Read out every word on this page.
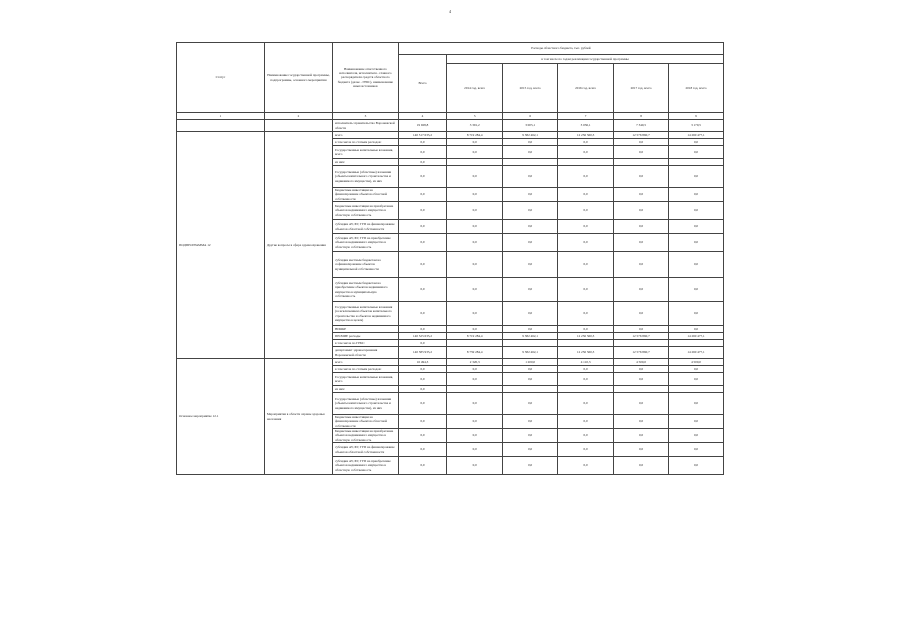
4
Статус	Наименование государственной программы, подпрограммы, основного мероприятия	Наименование ответственного исполнителя, исполнителя - главного распорядителя средств областного бюджета (далее - ГРБС), наименование иных источников	Расходы областного бюджета, тыс. рублей					
			Всего	в том числе по годам реализации государственной программы				
				2014 год, всего	2015 год, всего	2016 год, всего	2017 год, всего	2018 год, всего
1	2	3	4	5	6	7	8	9
		исполнитель: правительство Воронежской области	19 928,8	3 391,2	3 005,1	3 036,1	7 340,5	3 170,5
ПОДПРОГРАММА 12	Другие вопросы в сфере здравоохранения	всего	140 517 635,2	8 719 284,4	9 382 462,1	12 256 560,3	12 576 860,7	14 260 477,1
		в том числе по статьям расходов:	0,0	0,0	0,0	0,0	0,0	0,0
		Государственные капитальные вложения, всего	0,0	0,0	0,0	0,0	0,0	0,0
		из них:	0,0					
		Государственные (областные) вложения (объекты капитального строительства и недвижимого имущества), из них	0,0	0,0	0,0	0,0	0,0	0,0
		Бюджетные инвестиции на финансирование объектов областной собственности	0,0	0,0	0,0	0,0	0,0	0,0
		Бюджетные инвестиции на приобретение объектов недвижимого имущества в областную собственность	0,0	0,0	0,0	0,0	0,0	0,0
		субсидии АУ, БУ, ГУП на финансирование объектов областной собственности	0,0	0,0	0,0	0,0	0,0	0,0
		субсидии АУ, БУ, ГУП на приобретение объектов недвижимого имущества в областную собственность	0,0	0,0	0,0	0,0	0,0	0,0
		субсидии местным бюджетам на софинансирование объектов муниципальной собственности	0,0	0,0	0,0	0,0	0,0	0,0
		субсидии местным бюджетам на приобретение объектов недвижимого имущества в муниципальную собственность	0,0	0,0	0,0	0,0	0,0	0,0
		Государственные капитальные вложения (за исключением объектов капитального строительства и объектов недвижимого имущества в целом)	0,0	0,0	0,0	0,0	0,0	0,0
		НИОКР	0,0	0,0	0,0	0,0	0,0	0,0
		ПРОЧИЕ расходы	140 525 635,2	8 719 284,4	9 382 462,1	12 256 560,3	12 576 860,7	14 260 477,1
		в том числе по ГРБС:	0,0					
		департамент здравоохранения Воронежской области	140 585 935,2	8 759 284,4	9 382 462,1	12 256 560,3	12 576 860,7	14 260 477,1
Основное мероприятие 12.1	Мероприятия в области охраны здоровья населения	всего	16 494,3	2 320,3	1 200,0	4 110,3	4 500,0	4 500,0
		в том числе по статьям расходов:	0,0	0,0	0,0	0,0	0,0	0,0
		Государственные капитальные вложения, всего	0,0	0,0	0,0	0,0	0,0	0,0
		из них:	0,0					
		Государственные (областные) вложения (объекты капитального строительства и недвижимого имущества), из них	0,0	0,0	0,0	0,0	0,0	0,0
		Бюджетные инвестиции на финансирование объектов областной собственности	0,0	0,0	0,0	0,0	0,0	0,0
		Бюджетные инвестиции на приобретение объектов недвижимого имущества в областную собственность	0,0	0,0	0,0	0,0	0,0	0,0
		субсидии АУ, БУ, ГУП на финансирование объектов областной собственности	0,0	0,0	0,0	0,0	0,0	0,0
		субсидии АУ, БУ, ГУП на приобретение объектов недвижимого имущества в областную собственность	0,0	0,0	0,0	0,0	0,0	0,0
